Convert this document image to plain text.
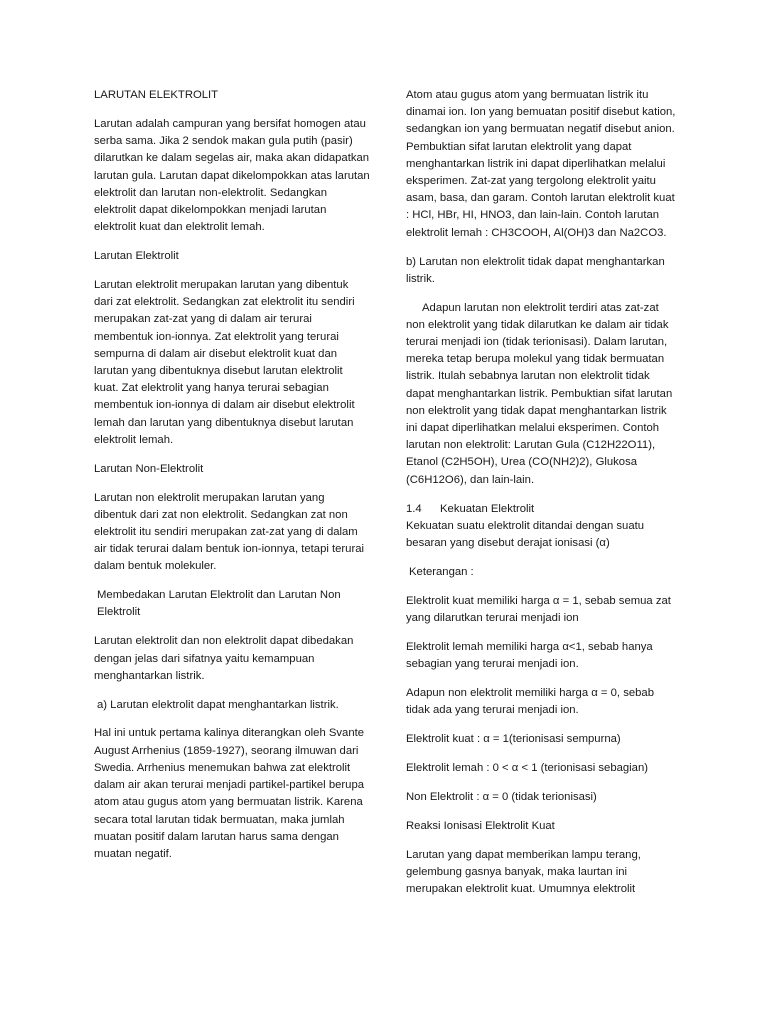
LARUTAN ELEKTROLIT

Larutan adalah campuran yang bersifat homogen atau serba sama. Jika 2 sendok makan gula putih (pasir) dilarutkan ke dalam segelas air, maka akan didapatkan larutan gula. Larutan dapat dikelompokkan atas larutan elektrolit dan larutan non-elektrolit. Sedangkan elektrolit dapat dikelompokkan menjadi larutan elektrolit kuat dan elektrolit lemah.

Larutan Elektrolit

Larutan elektrolit merupakan larutan yang dibentuk dari zat elektrolit. Sedangkan zat elektrolit itu sendiri merupakan zat-zat yang di dalam air terurai membentuk ion-ionnya. Zat elektrolit yang terurai sempurna di dalam air disebut elektrolit kuat dan larutan yang dibentuknya disebut larutan elektrolit kuat. Zat elektrolit yang hanya terurai sebagian membentuk ion-ionnya di dalam air disebut elektrolit lemah dan larutan yang dibentuknya disebut larutan elektrolit lemah.

Larutan Non-Elektrolit

Larutan non elektrolit merupakan larutan yang dibentuk dari zat non elektrolit. Sedangkan zat non elektrolit itu sendiri merupakan zat-zat yang di dalam air tidak terurai dalam bentuk ion-ionnya, tetapi terurai dalam bentuk molekuler.

Membedakan Larutan Elektrolit dan Larutan Non Elektrolit

Larutan elektrolit dan non elektrolit dapat dibedakan dengan jelas dari sifatnya yaitu kemampuan menghantarkan listrik.

a) Larutan elektrolit dapat menghantarkan listrik.

Hal ini untuk pertama kalinya diterangkan oleh Svante August Arrhenius (1859-1927), seorang ilmuwan dari Swedia. Arrhenius menemukan bahwa zat elektrolit dalam air akan terurai menjadi partikel-partikel berupa atom atau gugus atom yang bermuatan listrik. Karena secara total larutan tidak bermuatan, maka jumlah muatan positif dalam larutan harus sama dengan muatan negatif.

Atom atau gugus atom yang bermuatan listrik itu dinamai ion. Ion yang bemuatan positif disebut kation, sedangkan ion yang bermuatan negatif disebut anion. Pembuktian sifat larutan elektrolit yang dapat menghantarkan listrik ini dapat diperlihatkan melalui eksperimen. Zat-zat yang tergolong elektrolit yaitu asam, basa, dan garam. Contoh larutan elektrolit kuat : HCl, HBr, HI, HNO3, dan lain-lain. Contoh larutan elektrolit lemah : CH3COOH, Al(OH)3 dan Na2CO3.

b) Larutan non elektrolit tidak dapat menghantarkan listrik.

Adapun larutan non elektrolit terdiri atas zat-zat non elektrolit yang tidak dilarutkan ke dalam air tidak terurai menjadi ion (tidak terionisasi). Dalam larutan, mereka tetap berupa molekul yang tidak bermuatan listrik. Itulah sebabnya larutan non elektrolit tidak dapat menghantarkan listrik. Pembuktian sifat larutan non elektrolit yang tidak dapat menghantarkan listrik ini dapat diperlihatkan melalui eksperimen. Contoh larutan non elektrolit: Larutan Gula (C12H22O11), Etanol (C2H5OH), Urea (CO(NH2)2), Glukosa (C6H12O6), dan lain-lain.

1.4 Kekuatan Elektrolit
Kekuatan suatu elektrolit ditandai dengan suatu besaran yang disebut derajat ionisasi (α)

Keterangan :

Elektrolit kuat memiliki harga α = 1, sebab semua zat yang dilarutkan terurai menjadi ion

Elektrolit lemah memiliki harga α<1, sebab hanya sebagian yang terurai menjadi ion.

Adapun non elektrolit memiliki harga α = 0, sebab tidak ada yang terurai menjadi ion.

Elektrolit kuat : α = 1(terionisasi sempurna)

Elektrolit lemah : 0 < α < 1 (terionisasi sebagian)

Non Elektrolit : α = 0 (tidak terionisasi)

Reaksi Ionisasi Elektrolit Kuat

Larutan yang dapat memberikan lampu terang, gelembung gasnya banyak, maka laurtan ini merupakan elektrolit kuat. Umumnya elektrolit
